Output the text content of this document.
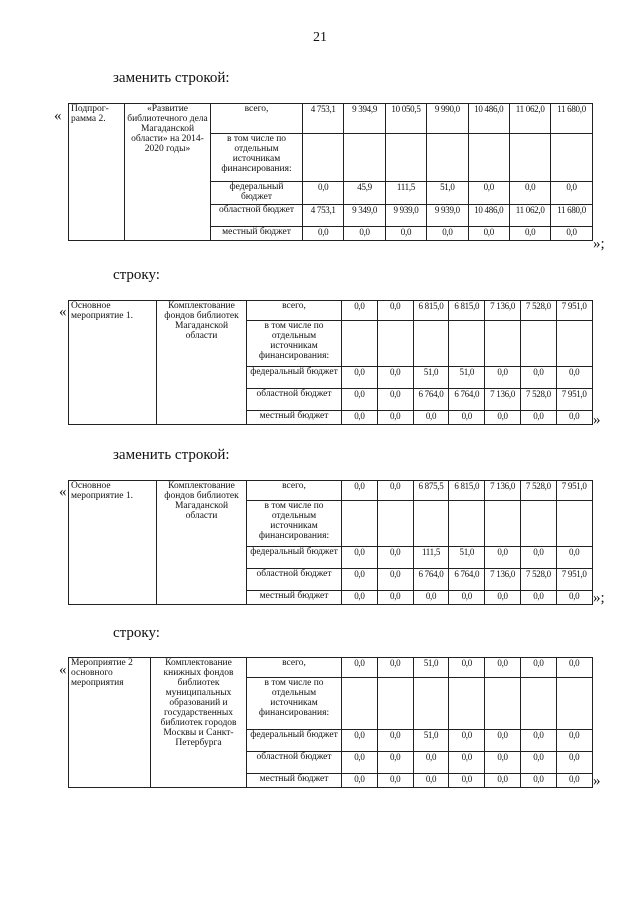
21
заменить строкой:
« Подпрог-рамма 2.	«Развитие библиотечного дела Магаданской области» на 2014-2020 годы»	всего,	4 753,1	9 394,9	10 050,5	9 990,0	10 486,0	11 062,0	11 680,0
		в том числе по отдельным источникам финансирования:							
		федеральный бюджет	0,0	45,9	111,5	51,0	0,0	0,0	0,0
		областной бюджет	4 753,1	9 349,0	9 939,0	9 939,0	10 486,0	11 062,0	11 680,0
		местный бюджет	0,0	0,0	0,0	0,0	0,0	0,0	0,0
»;
строку:
« Основное мероприятие 1.	Комплектование фондов библиотек Магаданской области	всего,	0,0	0,0	6 815,0	6 815,0	7 136,0	7 528,0	7 951,0
		в том числе по отдельным источникам финансирования:							
		федеральный бюджет	0,0	0,0	51,0	51,0	0,0	0,0	0,0
		областной бюджет	0,0	0,0	6 764,0	6 764,0	7 136,0	7 528,0	7 951,0
		местный бюджет	0,0	0,0	0,0	0,0	0,0	0,0	0,0 »
заменить строкой:
« Основное мероприятие 1.	Комплектование фондов библиотек Магаданской области	всего,	0,0	0,0	6 875,5	6 815,0	7 136,0	7 528,0	7 951,0
		в том числе по отдельным источникам финансирования:							
		федеральный бюджет	0,0	0,0	111,5	51,0	0,0	0,0	0,0
		областной бюджет	0,0	0,0	6 764,0	6 764,0	7 136,0	7 528,0	7 951,0
		местный бюджет	0,0	0,0	0,0	0,0	0,0	0,0	0,0 »;
строку:
« Мероприятие 2 основного мероприятия	Комплектование книжных фондов библиотек муниципальных образований и государственных библиотек городов Москвы и Санкт-Петербурга	всего,	0,0	0,0	51,0	0,0	0,0	0,0	0,0
		в том числе по отдельным источникам финансирования:							
		федеральный бюджет	0,0	0,0	51,0	0,0	0,0	0,0	0,0
		областной бюджет	0,0	0,0	0,0	0,0	0,0	0,0	0,0
		местный бюджет	0,0	0,0	0,0	0,0	0,0	0,0	0,0 »
